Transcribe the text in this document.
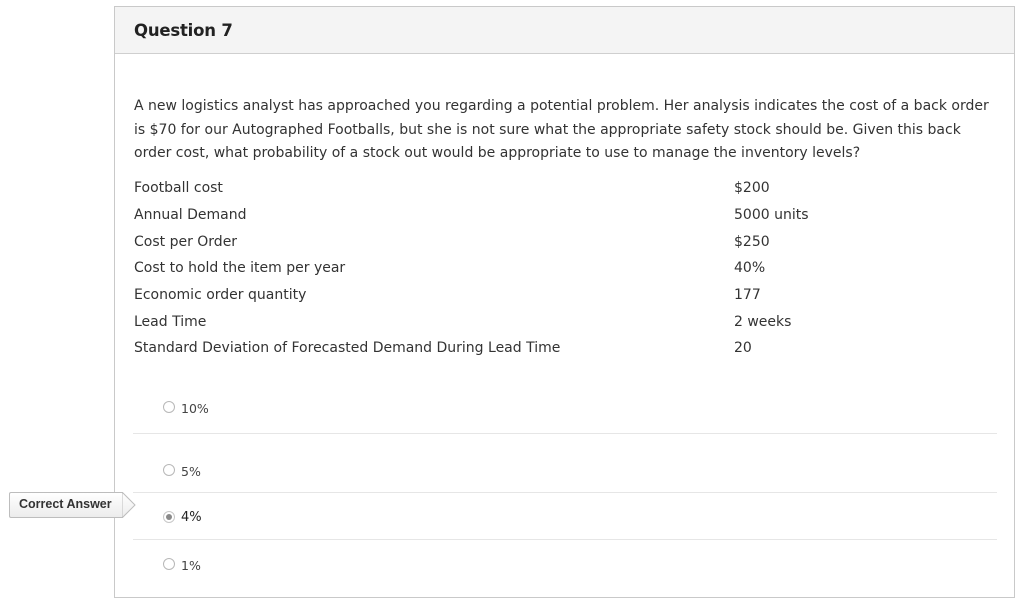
Question 7
A new logistics analyst has approached you regarding a potential problem. Her analysis indicates the cost of a back order is $70 for our Autographed Footballs, but she is not sure what the appropriate safety stock should be. Given this back order cost, what probability of a stock out would be appropriate to use to manage the inventory levels?
Football cost	$200
Annual Demand	5000 units
Cost per Order	$250
Cost to hold the item per year	40%
Economic order quantity	177
Lead Time	2 weeks
Standard Deviation of Forecasted Demand During Lead Time	20
10%
5%
4%
1%
Correct Answer
